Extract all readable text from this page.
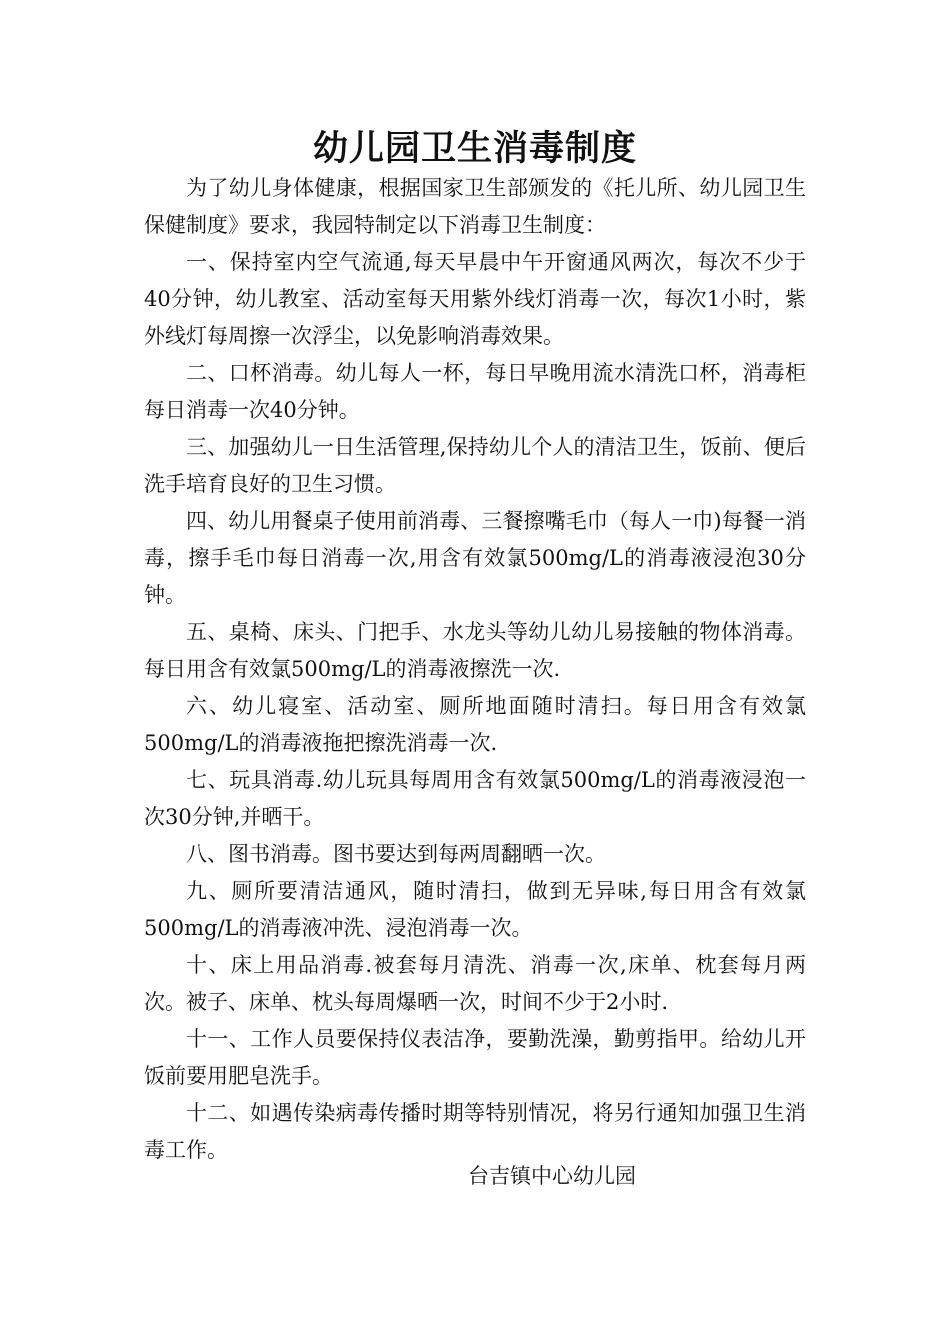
幼儿园卫生消毒制度

为了幼儿身体健康，根据国家卫生部颁发的《托儿所、幼儿园卫生保健制度》要求，我园特制定以下消毒卫生制度：

一、保持室内空气流通,每天早晨中午开窗通风两次，每次不少于40分钟，幼儿教室、活动室每天用紫外线灯消毒一次，每次1小时，紫外线灯每周擦一次浮尘，以免影响消毒效果。

二、口杯消毒。幼儿每人一杯，每日早晚用流水清洗口杯，消毒柜每日消毒一次40分钟。

三、加强幼儿一日生活管理,保持幼儿个人的清洁卫生，饭前、便后洗手培育良好的卫生习惯。

四、幼儿用餐桌子使用前消毒、三餐擦嘴毛巾（每人一巾)每餐一消毒，擦手毛巾每日消毒一次,用含有效氯500mg/L的消毒液浸泡30分钟。

五、桌椅、床头、门把手、水龙头等幼儿幼儿易接触的物体消毒。每日用含有效氯500mg/L的消毒液擦洗一次.

六、幼儿寝室、活动室、厕所地面随时清扫。每日用含有效氯500mg/L的消毒液拖把擦洗消毒一次.

七、玩具消毒.幼儿玩具每周用含有效氯500mg/L的消毒液浸泡一次30分钟,并晒干。

八、图书消毒。图书要达到每两周翻晒一次。

九、厕所要清洁通风，随时清扫，做到无异味,每日用含有效氯500mg/L的消毒液冲洗、浸泡消毒一次。

十、床上用品消毒.被套每月清洗、消毒一次,床单、枕套每月两次。被子、床单、枕头每周爆晒一次，时间不少于2小时.

十一、工作人员要保持仪表洁净，要勤洗澡，勤剪指甲。给幼儿开饭前要用肥皂洗手。

十二、如遇传染病毒传播时期等特别情况，将另行通知加强卫生消毒工作。

台吉镇中心幼儿园
